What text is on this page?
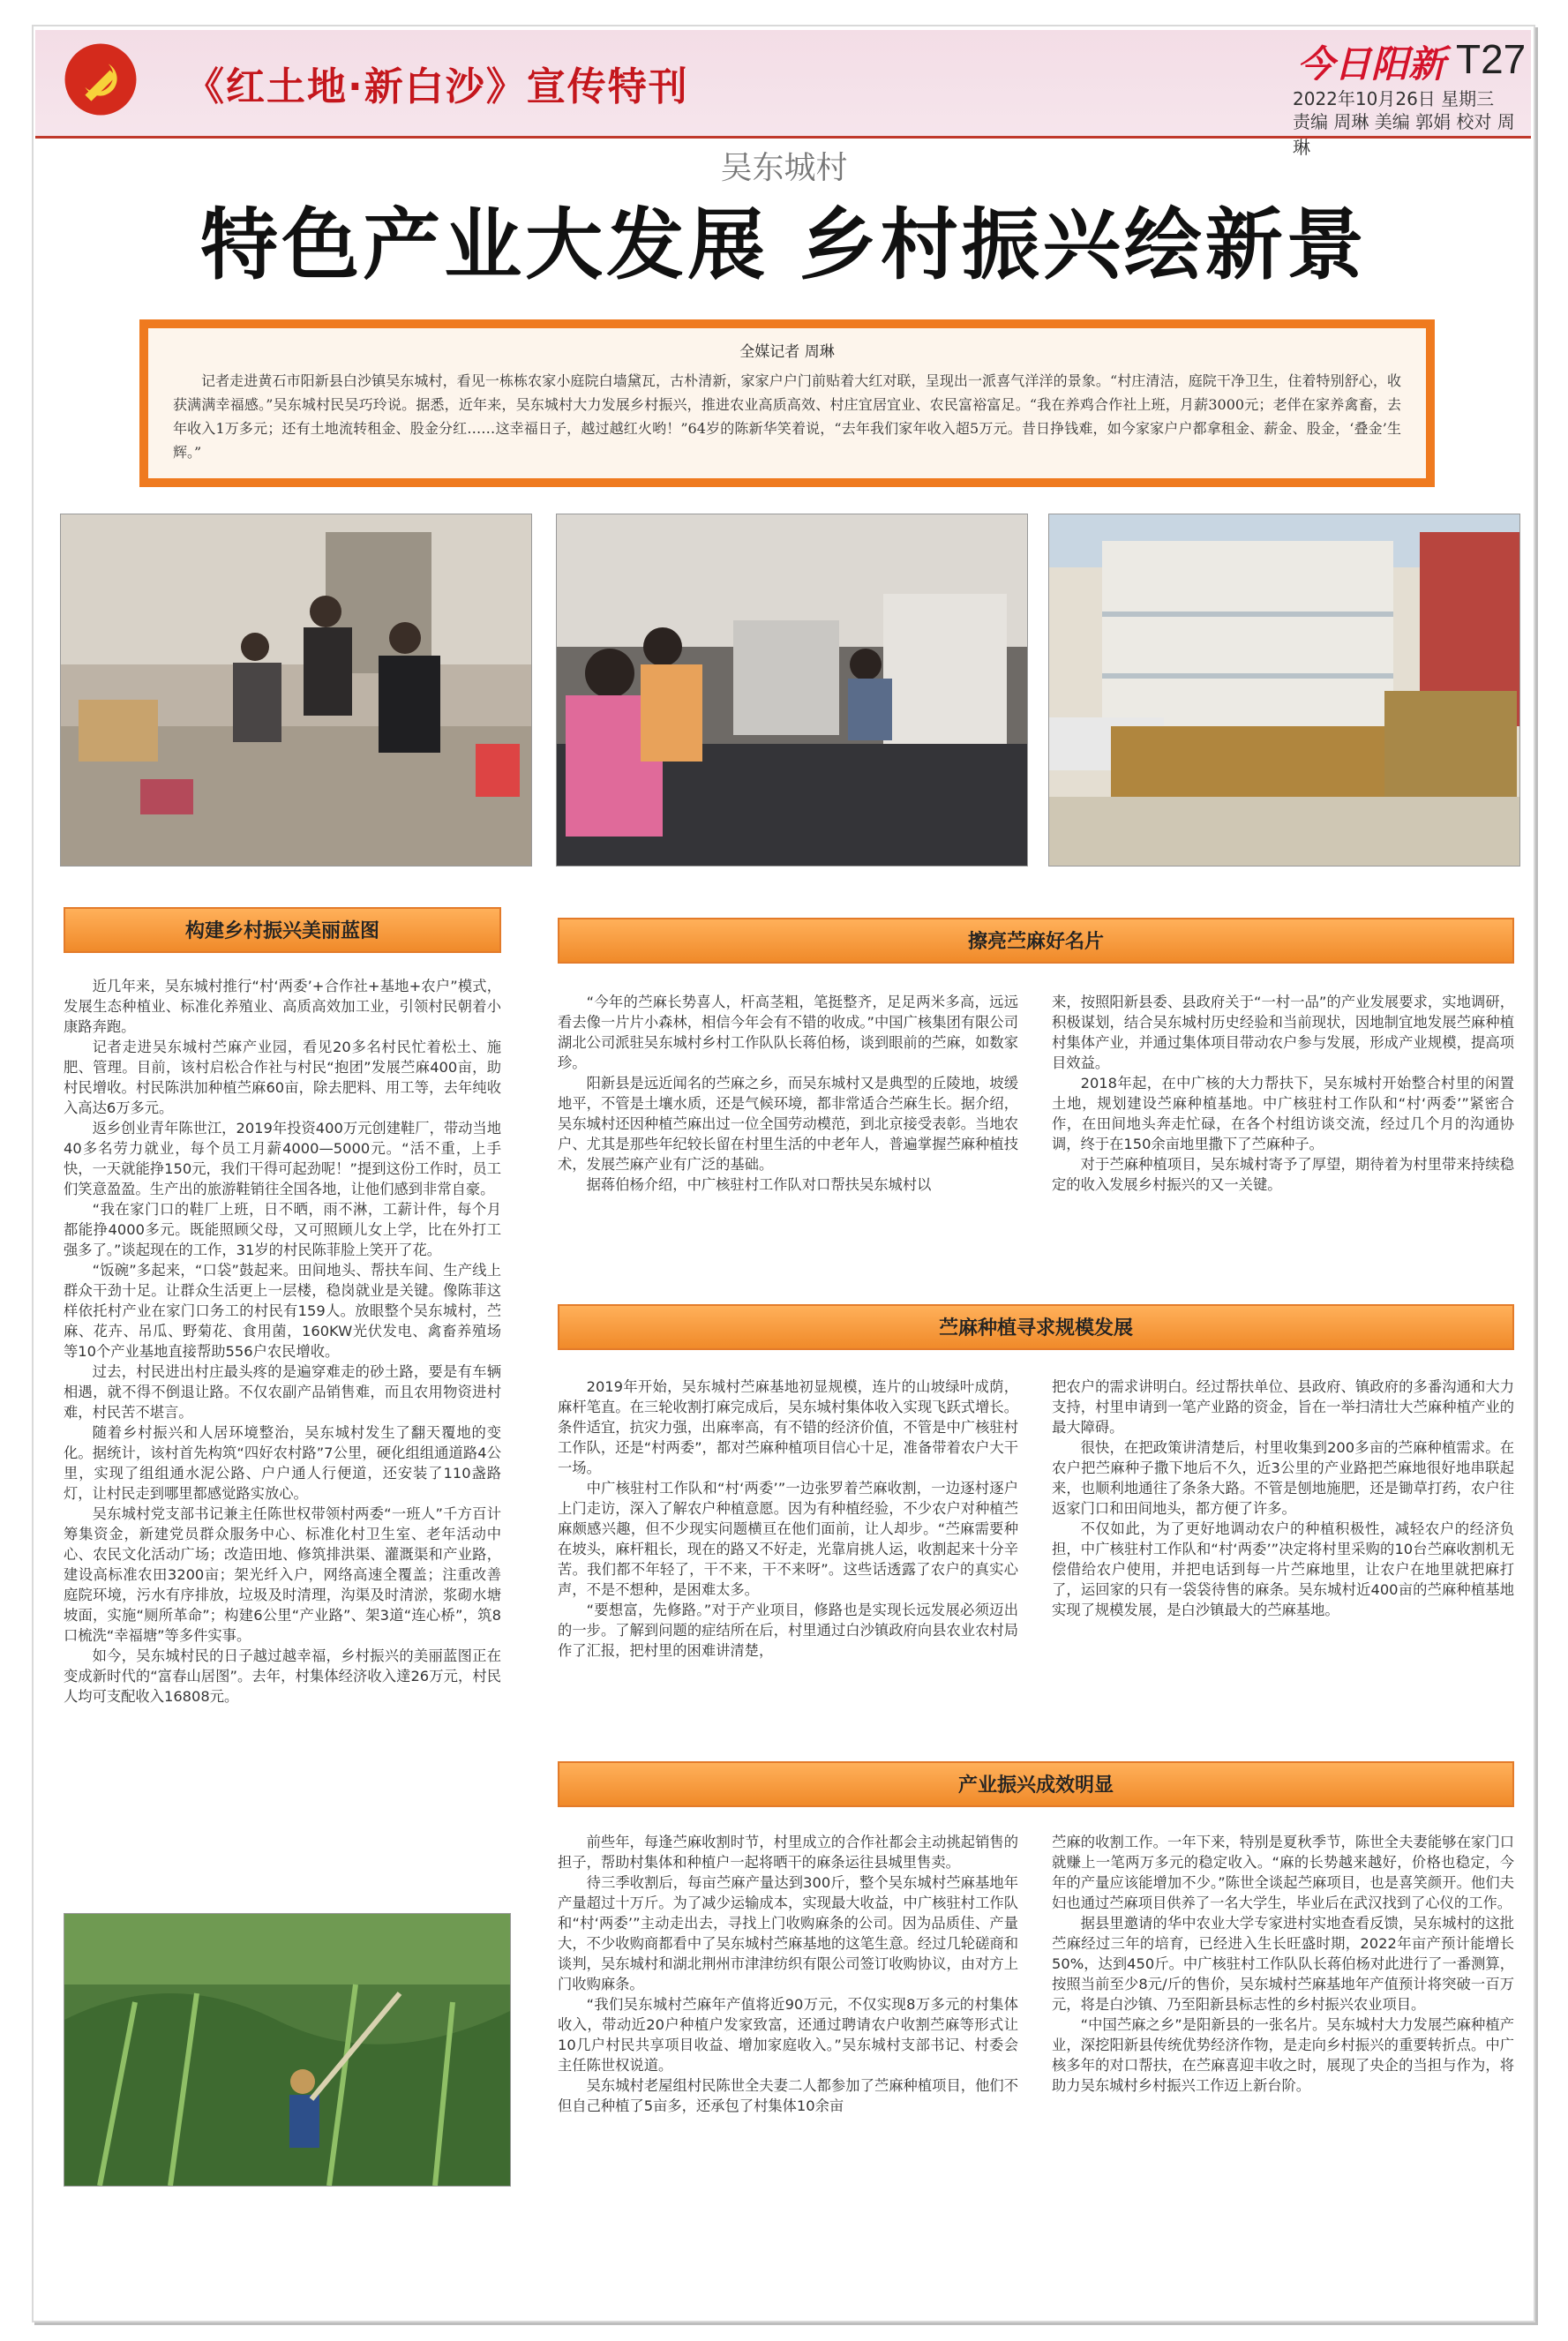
《红土地·新白沙》宣传特刊
今日阳新 T27
2022年10月26日 星期三
责编 周琳 美编 郭娟 校对 周琳
吴东城村
特色产业大发展 乡村振兴绘新景
全媒记者 周琳
记者走进黄石市阳新县白沙镇吴东城村，看见一栋栋农家小庭院白墙黛瓦，古朴清新，家家户户门前贴着大红对联，呈现出一派喜气洋洋的景象。“村庄清洁，庭院干净卫生，住着特别舒心，收获满满幸福感。”吴东城村民吴巧玲说。据悉，近年来，吴东城村大力发展乡村振兴，推进农业高质高效、村庄宜居宜业、农民富裕富足。“我在养鸡合作社上班，月薪3000元；老伴在家养禽畜，去年收入1万多元；还有土地流转租金、股金分红……这幸福日子，越过越红火哟！”64岁的陈新华笑着说，“去年我们家年收入超5万元。昔日挣钱难，如今家家户户都拿租金、薪金、股金，‘叠金’生辉。”
构建乡村振兴美丽蓝图	擦亮苎麻好名片
苎麻种植寻求规模发展
产业振兴成效明显

近几年来，吴东城村推行“村‘两委’+合作社+基地+农户”模式，发展生态种植业、标准化养殖业、高质高效加工业，引领村民朝着小康路奔跑。

记者走进吴东城村苎麻产业园，看见20多名村民忙着松土、施肥、管理。目前，该村启松合作社与村民“抱团”发展苎麻400亩，助村民增收。村民陈洪加种植苎麻60亩，除去肥料、用工等，去年纯收入高达6万多元。

返乡创业青年陈世江，2019年投资400万元创建鞋厂，带动当地40多名劳力就业，每个员工月薪4000—5000元。“活不重，上手快，一天就能挣150元，我们干得可起劲呢！”提到这份工作时，员工们笑意盈盈。生产出的旅游鞋销往全国各地，让他们感到非常自豪。

“我在家门口的鞋厂上班，日不晒，雨不淋，工薪计件，每个月都能挣4000多元。既能照顾父母，又可照顾儿女上学，比在外打工强多了。”谈起现在的工作，31岁的村民陈菲脸上笑开了花。

“饭碗”多起来，“口袋”鼓起来。田间地头、帮扶车间、生产线上群众干劲十足。让群众生活更上一层楼，稳岗就业是关键。像陈菲这样依托村产业在家门口务工的村民有159人。放眼整个吴东城村，苎麻、花卉、吊瓜、野菊花、食用菌，160KW光伏发电、禽畜养殖场等10个产业基地直接帮助556户农民增收。

过去，村民进出村庄最头疼的是遍穿难走的砂土路，要是有车辆相遇，就不得不倒退让路。不仅农副产品销售难，而且农用物资进村难，村民苦不堪言。

随着乡村振兴和人居环境整治，吴东城村发生了翻天覆地的变化。据统计，该村首先构筑“四好农村路”7公里，硬化组组通道路4公里，实现了组组通水泥公路、户户通人行便道，还安装了110盏路灯，让村民走到哪里都感觉路实放心。

吴东城村党支部书记兼主任陈世权带领村两委“一班人”千方百计筹集资金，新建党员群众服务中心、标准化村卫生室、老年活动中心、农民文化活动广场；改造田地、修筑排洪渠、灌溉渠和产业路，建设高标准农田3200亩；架光纤入户，网络高速全覆盖；注重改善庭院环境，污水有序排放，垃圾及时清理，沟渠及时清淤，浆砌水塘坡面，实施“厕所革命”；构建6公里“产业路”、架3道“连心桥”，筑8口梳洗“幸福塘”等多件实事。

如今，吴东城村民的日子越过越幸福，乡村振兴的美丽蓝图正在变成新时代的“富春山居图”。去年，村集体经济收入達26万元，村民人均可支配收入16808元。

“今年的苎麻长势喜人，杆高茎粗，笔挺整齐，足足两米多高，远远看去像一片片小森林，相信今年会有不错的收成。”中国广核集团有限公司湖北公司派驻吴东城村乡村工作队队长蒋伯杨，谈到眼前的苎麻，如数家珍。

阳新县是远近闻名的苎麻之乡，而吴东城村又是典型的丘陵地，坡缓地平，不管是土壤水质，还是气候环境，都非常适合苎麻生长。据介绍，吴东城村还因种植苎麻出过一位全国劳动模范，到北京接受表彰。当地农户、尤其是那些年纪较长留在村里生活的中老年人，普遍掌握苎麻种植技术，发展苎麻产业有广泛的基础。

据蒋伯杨介绍，中广核驻村工作队对口帮扶吴东城村以

来，按照阳新县委、县政府关于“一村一品”的产业发展要求，实地调研，积极谋划，结合吴东城村历史经验和当前现状，因地制宜地发展苎麻种植村集体产业，并通过集体项目带动农户参与发展，形成产业规模，提高项目效益。

2018年起，在中广核的大力帮扶下，吴东城村开始整合村里的闲置土地，规划建设苎麻种植基地。中广核驻村工作队和“村‘两委’”紧密合作，在田间地头奔走忙碌，在各个村组访谈交流，经过几个月的沟通协调，终于在150余亩地里撒下了苎麻种子。

对于苎麻种植项目，吴东城村寄予了厚望，期待着为村里带来持续稳定的收入发展乡村振兴的又一关键。

2019年开始，吴东城村苎麻基地初显规模，连片的山坡绿叶成荫，麻杆笔直。在三轮收割打麻完成后，吴东城村集体收入实现飞跃式增长。条件适宜，抗灾力强，出麻率高，有不错的经济价值，不管是中广核驻村工作队，还是“村两委”，都对苎麻种植项目信心十足，准备带着农户大干一场。

中广核驻村工作队和“村‘两委’”一边张罗着苎麻收割，一边逐村逐户上门走访，深入了解农户种植意愿。因为有种植经验，不少农户对种植苎麻颇感兴趣，但不少现实问题横亘在他们面前，让人却步。“苎麻需要种在坡头，麻杆粗长，现在的路又不好走，光靠肩挑人运，收割起来十分辛苦。我们都不年轻了，干不来，干不来呀”。这些话透露了农户的真实心声，不是不想种，是困难太多。

“要想富，先修路。”对于产业项目，修路也是实现长远发展必须迈出的一步。了解到问题的症结所在后，村里通过白沙镇政府向县农业农村局作了汇报，把村里的困难讲清楚，

把农户的需求讲明白。经过帮扶单位、县政府、镇政府的多番沟通和大力支持，村里申请到一笔产业路的资金，旨在一举扫清壮大苎麻种植产业的最大障碍。

很快，在把政策讲清楚后，村里收集到200多亩的苎麻种植需求。在农户把苎麻种子撒下地后不久，近3公里的产业路把苎麻地很好地串联起来，也顺利地通往了条条大路。不管是刨地施肥，还是锄草打药，农户往返家门口和田间地头，都方便了许多。

不仅如此，为了更好地调动农户的种植积极性，减轻农户的经济负担，中广核驻村工作队和“村‘两委’”决定将村里采购的10台苎麻收割机无偿借给农户使用，并把电话到每一片苎麻地里，让农户在地里就把麻打了，运回家的只有一袋袋待售的麻条。吴东城村近400亩的苎麻种植基地实现了规模发展，是白沙镇最大的苎麻基地。

前些年，每逢苎麻收割时节，村里成立的合作社都会主动挑起销售的担子，帮助村集体和种植户一起将晒干的麻条运往县城里售卖。

待三季收割后，每亩苎麻产量达到300斤，整个吴东城村苎麻基地年产量超过十万斤。为了减少运输成本，实现最大收益，中广核驻村工作队和“村‘两委’”主动走出去，寻找上门收购麻条的公司。因为品质佳、产量大，不少收购商都看中了吴东城村苎麻基地的这笔生意。经过几轮磋商和谈判，吴东城村和湖北荆州市津津纺织有限公司签订收购协议，由对方上门收购麻条。

“我们吴东城村苎麻年产值将近90万元，不仅实现8万多元的村集体收入，带动近20户种植户发家致富，还通过聘请农户收割苎麻等形式让10几户村民共享项目收益、增加家庭收入。”吴东城村支部书记、村委会主任陈世权说道。

吴东城村老屋组村民陈世全夫妻二人都参加了苎麻种植项目，他们不但自己种植了5亩多，还承包了村集体10余亩

苎麻的收割工作。一年下来，特别是夏秋季节，陈世全夫妻能够在家门口就赚上一笔两万多元的稳定收入。“麻的长势越来越好，价格也稳定，今年的产量应该能增加不少。”陈世全谈起苎麻项目，也是喜笑颜开。他们夫妇也通过苎麻项目供养了一名大学生，毕业后在武汉找到了心仪的工作。

据县里邀请的华中农业大学专家进村实地查看反馈，吴东城村的这批苎麻经过三年的培育，已经进入生长旺盛时期，2022年亩产预计能增长50%，达到450斤。中广核驻村工作队队长蒋伯杨对此进行了一番测算，按照当前至少8元/斤的售价，吴东城村苎麻基地年产值预计将突破一百万元，将是白沙镇、乃至阳新县标志性的乡村振兴农业项目。

“中国苎麻之乡”是阳新县的一张名片。吴东城村大力发展苎麻种植产业，深挖阳新县传统优势经济作物，是走向乡村振兴的重要转折点。中广核多年的对口帮扶，在苎麻喜迎丰收之时，展现了央企的当担与作为，将助力吴东城村乡村振兴工作迈上新台阶。
